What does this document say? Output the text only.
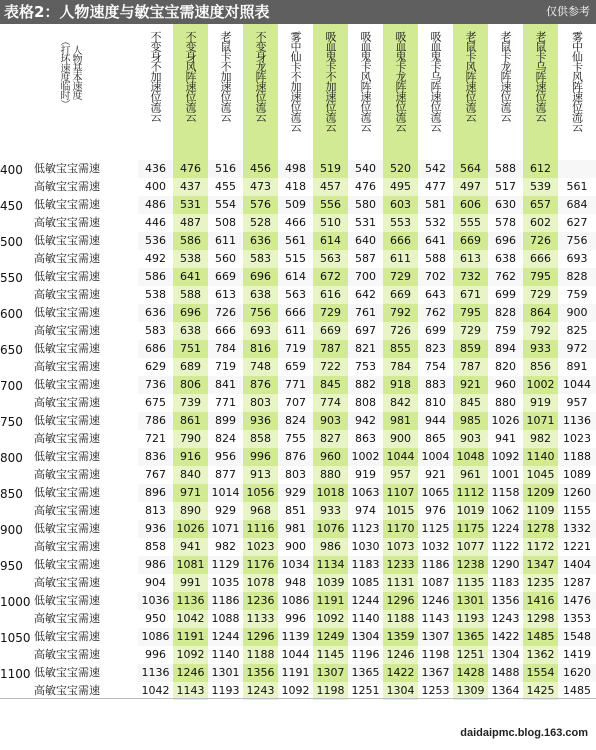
表格2：人物速度与敏宝宝需速度对照表	仅供参考
人物基本速度
（打坏速度临时）		不变身不加速位流云	不变身风阵速位流云	老鼠卡不加速位流云	不变身龙阵速位流云	雾中仙卡不加速位流云	吸血鬼卡不加速位流云	吸血鬼卡风阵速位流云	吸血鬼卡龙阵速位流云	吸血鬼卡乌阵速位流云	老鼠卡风阵速位流云	老鼠卡龙阵速位流云	老鼠卡乌阵速位流云	雾中仙卡风阵速位流云

400	低敏宝宝需速	436	476	516	456	498	519	540	520	542	564	588	612	
	高敏宝宝需速	400	437	455	473	418	457	476	495	477	497	517	539	561
450	低敏宝宝需速	486	531	554	576	509	556	580	603	581	606	630	657	684
	高敏宝宝需速	446	487	508	528	466	510	531	553	532	555	578	602	627
500	低敏宝宝需速	536	586	611	636	561	614	640	666	641	669	696	726	756
	高敏宝宝需速	492	538	560	583	515	563	587	611	588	613	638	666	693
550	低敏宝宝需速	586	641	669	696	614	672	700	729	702	732	762	795	828
	高敏宝宝需速	538	588	613	638	563	616	642	669	643	671	699	729	759
600	低敏宝宝需速	636	696	726	756	666	729	761	792	762	795	828	864	900
	高敏宝宝需速	583	638	666	693	611	669	697	726	699	729	759	792	825
650	低敏宝宝需速	686	751	784	816	719	787	821	855	823	859	894	933	972
	高敏宝宝需速	629	689	719	748	659	722	753	784	754	787	820	856	891
700	低敏宝宝需速	736	806	841	876	771	845	882	918	883	921	960	1002	1044
	高敏宝宝需速	675	739	771	803	707	774	808	842	810	845	880	919	957
750	低敏宝宝需速	786	861	899	936	824	903	942	981	944	985	1026	1071	1136
	高敏宝宝需速	721	790	824	858	755	827	863	900	865	903	941	982	1023
800	低敏宝宝需速	836	916	956	996	876	960	1002	1044	1004	1048	1092	1140	1188
	高敏宝宝需速	767	840	877	913	803	880	919	957	921	961	1001	1045	1089
850	低敏宝宝需速	896	971	1014	1056	929	1018	1063	1107	1065	1112	1158	1209	1260
	高敏宝宝需速	813	890	929	968	851	933	974	1015	976	1019	1062	1109	1155
900	低敏宝宝需速	936	1026	1071	1116	981	1076	1123	1170	1125	1175	1224	1278	1332
	高敏宝宝需速	858	941	982	1023	900	986	1030	1073	1032	1077	1122	1172	1221
950	低敏宝宝需速	986	1081	1129	1176	1034	1134	1183	1233	1186	1238	1290	1347	1404
	高敏宝宝需速	904	991	1035	1078	948	1039	1085	1131	1087	1135	1183	1235	1287
1000	低敏宝宝需速	1036	1136	1186	1236	1086	1191	1244	1296	1246	1301	1356	1416	1476
	高敏宝宝需速	950	1042	1088	1133	996	1092	1140	1188	1143	1193	1243	1298	1353
1050	低敏宝宝需速	1086	1191	1244	1296	1139	1249	1304	1359	1307	1365	1422	1485	1548
	高敏宝宝需速	996	1092	1140	1188	1044	1145	1196	1246	1198	1251	1304	1362	1419
1100	低敏宝宝需速	1136	1246	1301	1356	1191	1307	1365	1422	1367	1428	1488	1554	1620
	高敏宝宝需速	1042	1143	1193	1243	1092	1198	1251	1304	1253	1309	1364	1425	1485
daidaipmc.blog.163.com
